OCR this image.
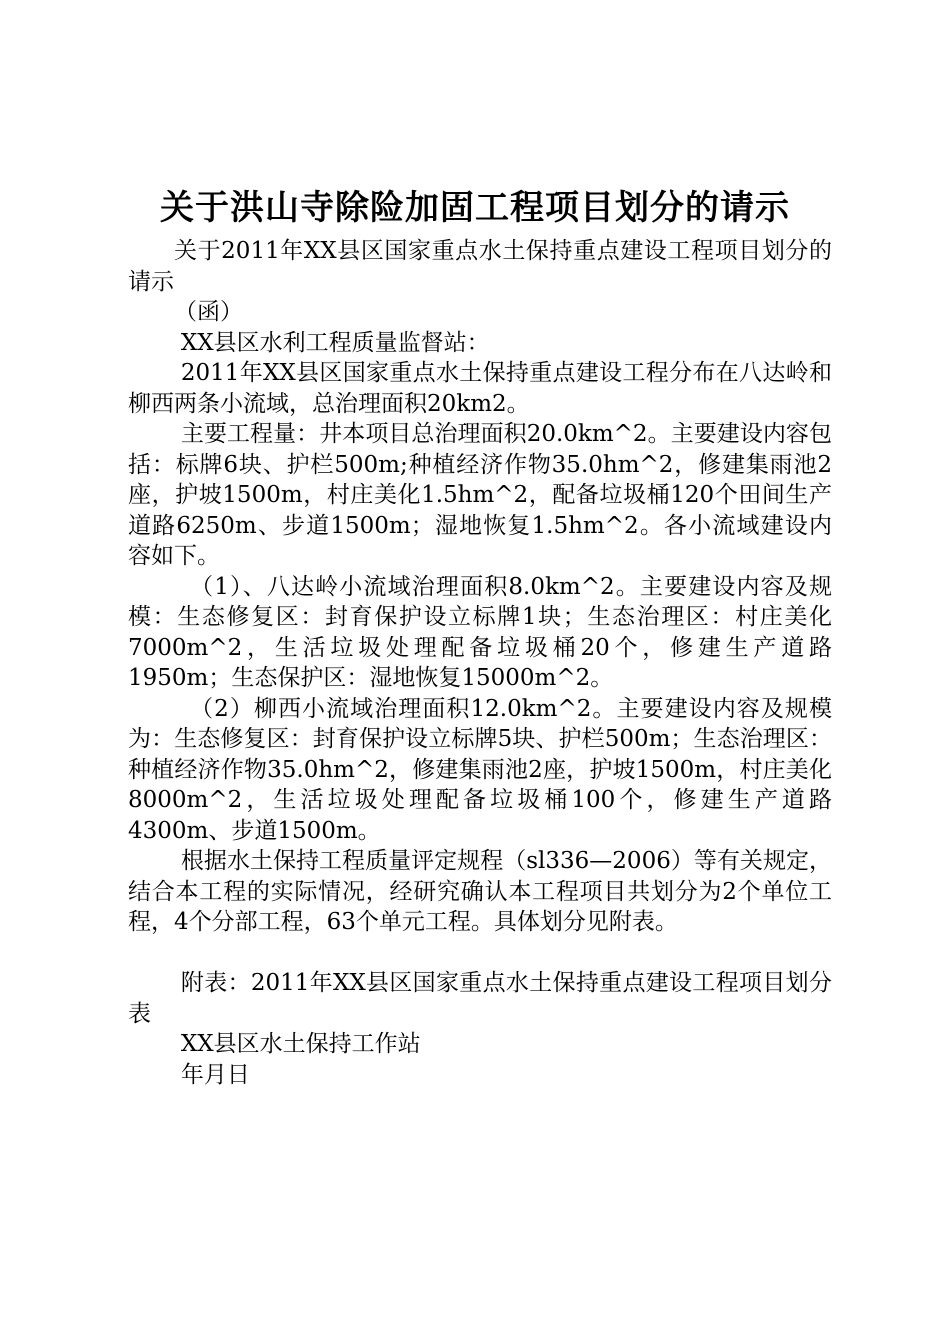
关于洪山寺除险加固工程项目划分的请示

关于2011年XX县区国家重点水土保持重点建设工程项目划分的请示

（函）

XX县区水利工程质量监督站：

2011年XX县区国家重点水土保持重点建设工程分布在八达岭和柳西两条小流域，总治理面积20km2。

主要工程量：井本项目总治理面积20.0km^2。主要建设内容包括：标牌6块、护栏500m;种植经济作物35.0hm^2，修建集雨池2座，护坡1500m，村庄美化1.5hm^2，配备垃圾桶120个田间生产道路6250m、步道1500m；湿地恢复1.5hm^2。各小流域建设内容如下。

（1）、八达岭小流域治理面积8.0km^2。主要建设内容及规模：生态修复区：封育保护设立标牌1块；生态治理区：村庄美化7000m^2，生活垃圾处理配备垃圾桶20个，修建生产道路1950m；生态保护区：湿地恢复15000m^2。

（2）柳西小流域治理面积12.0km^2。主要建设内容及规模为：生态修复区：封育保护设立标牌5块、护栏500m；生态治理区：种植经济作物35.0hm^2，修建集雨池2座，护坡1500m，村庄美化8000m^2，生活垃圾处理配备垃圾桶100个，修建生产道路4300m、步道1500m。

根据水土保持工程质量评定规程（sl336—2006）等有关规定，结合本工程的实际情况，经研究确认本工程项目共划分为2个单位工程，4个分部工程，63个单元工程。具体划分见附表。

附表：2011年XX县区国家重点水土保持重点建设工程项目划分表

XX县区水土保持工作站

年月日
